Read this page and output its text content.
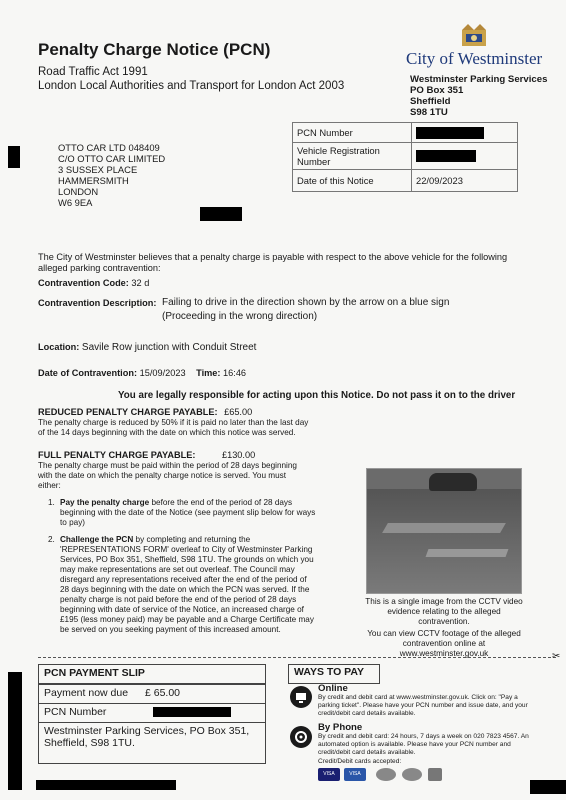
Penalty Charge Notice (PCN)
Road Traffic Act 1991
London Local Authorities and Transport for London Act 2003
City of Westminster
Westminster Parking Services
PO Box 351
Sheffield
S98 1TU
OTTO CAR LTD 048409
C/O OTTO CAR LIMITED
3 SUSSEX PLACE
HAMMERSMITH
LONDON
W6 9EA
PCN Number	

Vehicle Registration Number	

Date of this Notice	22/09/2023
The City of Westminster believes that a penalty charge is payable with respect to the above vehicle for the following alleged parking contravention:
Contravention Code: 32 d
Contravention Description: Failing to drive in the direction shown by the arrow on a blue sign
(Proceeding in the wrong direction)
Location: Savile Row junction with Conduit Street
Date of Contravention: 15/09/2023 Time: 16:46
You are legally responsible for acting upon this Notice. Do not pass it on to the driver
REDUCED PENALTY CHARGE PAYABLE: £65.00
The penalty charge is reduced by 50% if it is paid no later than the last day of the 14 days beginning with the date on which this notice was served.
FULL PENALTY CHARGE PAYABLE:	£130.00
The penalty charge must be paid within the period of 28 days beginning with the date on which the penalty charge notice is served. You must either:
1. Pay the penalty charge before the end of the period of 28 days beginning with the date of the Notice (see payment slip below for ways to pay)
2. Challenge the PCN by completing and returning the 'REPRESENTATIONS FORM' overleaf to City of Westminster Parking Services, PO Box 351, Sheffield, S98 1TU. The grounds on which you may make representations are set out overleaf. The Council may disregard any representations received after the end of the period of 28 days beginning with the date on which the PCN was served. If the penalty charge is not paid before the end of the period of 28 days beginning with date of service of the Notice, an increased charge of £195 (less money paid) may be payable and a Charge Certificate may be served on you seeking payment of this increased amount.
This is a single image from the CCTV video evidence relating to the alleged contravention.
You can view CCTV footage of the alleged contravention online at www.westminster.gov.uk	✂
PCN PAYMENT SLIP
Payment now due £ 65.00
PCN Number
Westminster Parking Services, PO Box 351, Sheffield, S98 1TU.
WAYS TO PAY
Online
By credit and debit card at www.westminster.gov.uk. Click on: "Pay a parking ticket". Please have your PCN number and issue date, and your credit/debit card details available.
By Phone
By credit and debit card: 24 hours, 7 days a week on 020 7823 4567. An automated option is available. Please have your PCN number and credit/debit card details available.
Credit/Debit cards accepted:
VISA	VISA
